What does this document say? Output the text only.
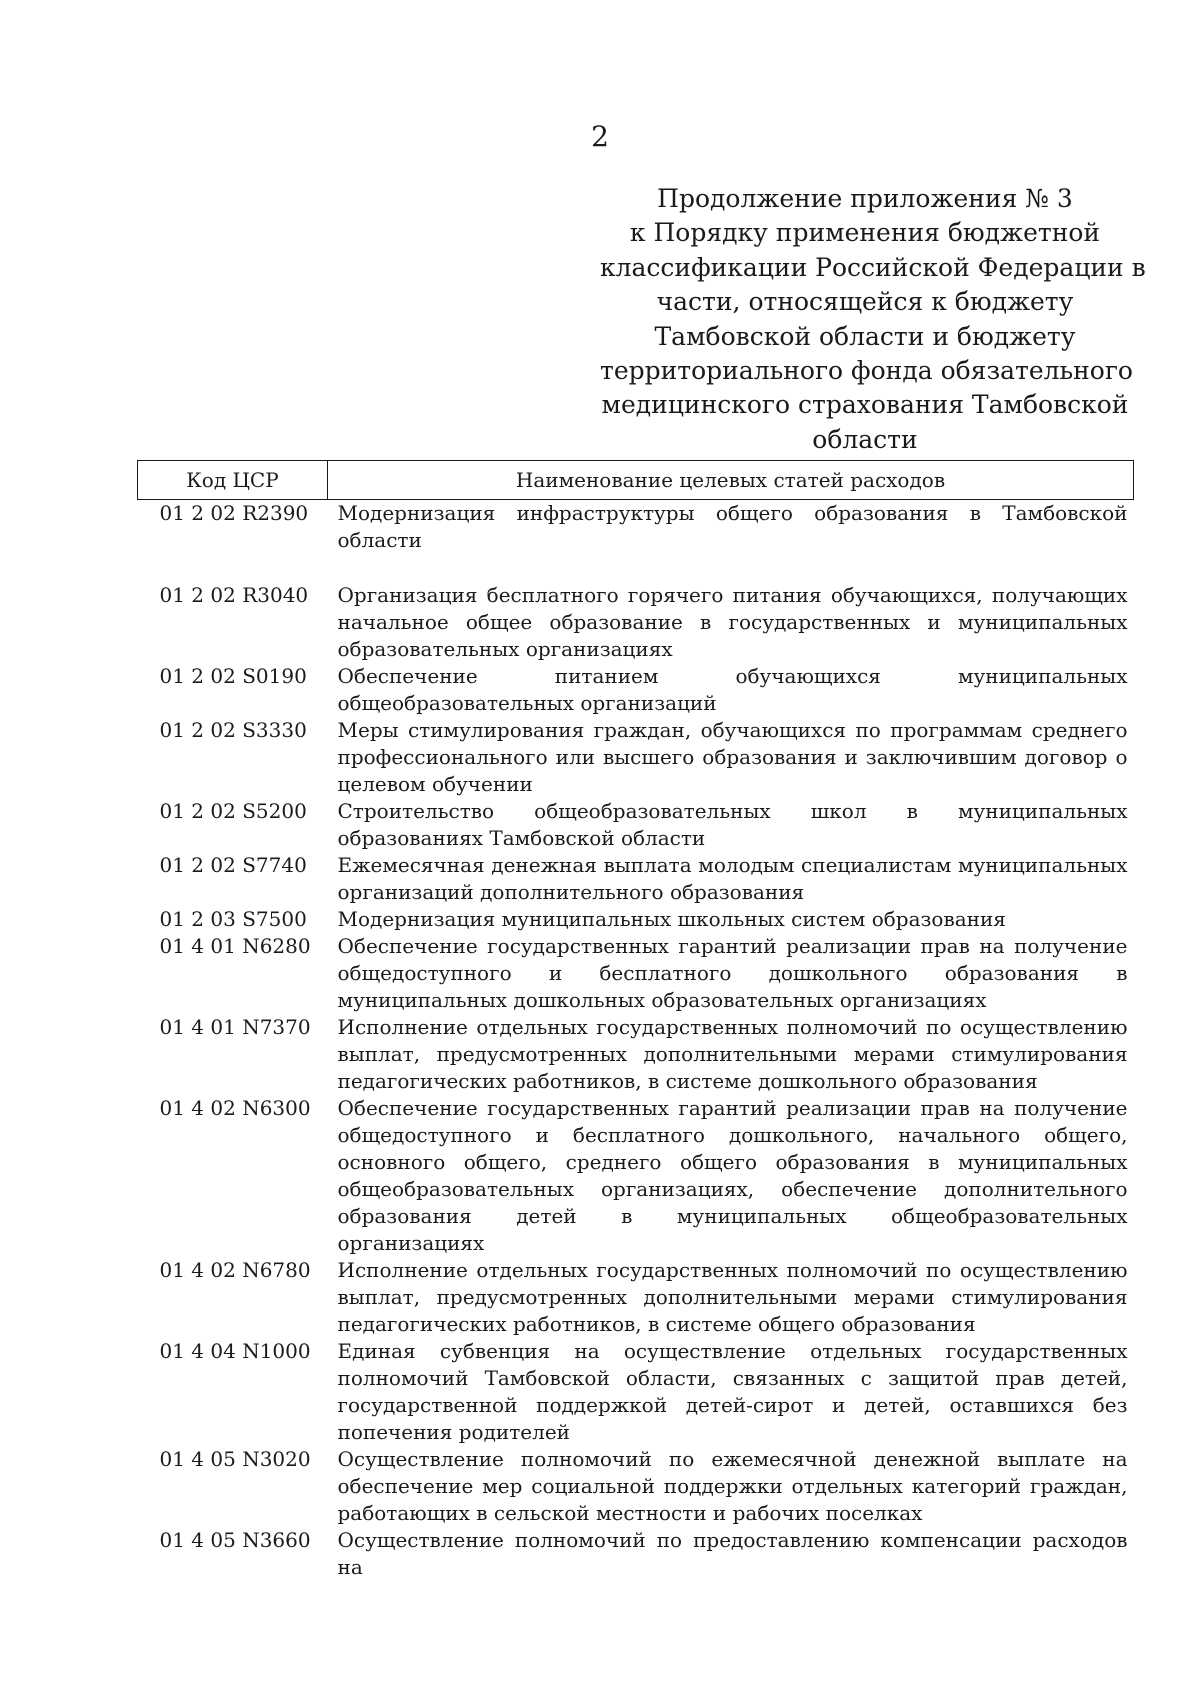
2
Продолжение приложения № 3
к Порядку применения бюджетной
классификации Российской Федерации в
части, относящейся к бюджету
Тамбовской области и бюджету
территориального фонда обязательного
медицинского страхования Тамбовской
области
Код ЦСР	Наименование целевых статей расходов
01 2 02 R2390	Модернизация инфраструктуры общего образования в Тамбовской области
01 2 02 R3040	Организация бесплатного горячего питания обучающихся, получающих начальное общее образование в государственных и муниципальных образовательных организациях
01 2 02 S0190	Обеспечение питанием обучающихся муниципальных общеобразовательных организаций
01 2 02 S3330	Меры стимулирования граждан, обучающихся по программам среднего профессионального или высшего образования и заключившим договор о целевом обучении
01 2 02 S5200	Строительство общеобразовательных школ в муниципальных образованиях Тамбовской области
01 2 02 S7740	Ежемесячная денежная выплата молодым специалистам муниципальных организаций дополнительного образования
01 2 03 S7500	Модернизация муниципальных школьных систем образования
01 4 01 N6280	Обеспечение государственных гарантий реализации прав на получение общедоступного и бесплатного дошкольного образования в муниципальных дошкольных образовательных организациях
01 4 01 N7370	Исполнение отдельных государственных полномочий по осуществлению выплат, предусмотренных дополнительными мерами стимулирования педагогических работников, в системе дошкольного образования
01 4 02 N6300	Обеспечение государственных гарантий реализации прав на получение общедоступного и бесплатного дошкольного, начального общего, основного общего, среднего общего образования в муниципальных общеобразовательных организациях, обеспечение дополнительного образования детей в муниципальных общеобразовательных организациях
01 4 02 N6780	Исполнение отдельных государственных полномочий по осуществлению выплат, предусмотренных дополнительными мерами стимулирования педагогических работников, в системе общего образования
01 4 04 N1000	Единая субвенция на осуществление отдельных государственных полномочий Тамбовской области, связанных с защитой прав детей, государственной поддержкой детей-сирот и детей, оставшихся без попечения родителей
01 4 05 N3020	Осуществление полномочий по ежемесячной денежной выплате на обеспечение мер социальной поддержки отдельных категорий граждан, работающих в сельской местности и рабочих поселках
01 4 05 N3660	Осуществление полномочий по предоставлению компенсации расходов на
